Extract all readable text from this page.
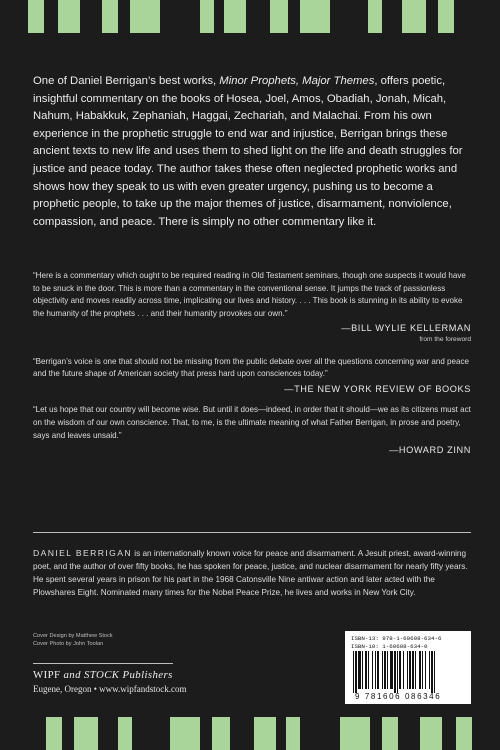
One of Daniel Berrigan’s best works, Minor Prophets, Major Themes, offers poetic, insightful commentary on the books of Hosea, Joel, Amos, Obadiah, Jonah, Micah, Nahum, Habakkuk, Zephaniah, Haggai, Zechariah, and Malachai. From his own experience in the prophetic struggle to end war and injustice, Berrigan brings these ancient texts to new life and uses them to shed light on the life and death struggles for justice and peace today. The author takes these often neglected prophetic works and shows how they speak to us with even greater urgency, pushing us to become a prophetic people, to take up the major themes of justice, disarmament, nonviolence, compassion, and peace. There is simply no other commentary like it.

“Here is a commentary which ought to be required reading in Old Testament seminars, though one suspects it would have to be snuck in the door. This is more than a commentary in the conventional sense. It jumps the track of passionless objectivity and moves readily across time, implicating our lives and history. . . . This book is stunning in its ability to evoke the humanity of the prophets . . . and their humanity provokes our own.”

—BILL WYLIE KELLERMAN
from the foreword

“Berrigan’s voice is one that should not be missing from the public debate over all the questions concerning war and peace and the future shape of American society that press hard upon consciences today.”

—THE NEW YORK REVIEW OF BOOKS

“Let us hope that our country will become wise. But until it does—indeed, in order that it should—we as its citizens must act on the wisdom of our own conscience. That, to me, is the ultimate meaning of what Father Berrigan, in prose and poetry, says and leaves unsaid.”

—HOWARD ZINN
DANIEL BERRIGAN is an internationally known voice for peace and disarmament. A Jesuit priest, award-winning poet, and the author of over fifty books, he has spoken for peace, justice, and nuclear disarmament for nearly fifty years. He spent several years in prison for his part in the 1968 Catonsville Nine antiwar action and later acted with the Plowshares Eight. Nominated many times for the Nobel Peace Prize, he lives and works in New York City.
Cover Design by Matthew Stock
Cover Photo by John Toolan
WIPF and STOCK Publishers
Eugene, Oregon • www.wipfandstock.com
ISBN-13: 978-1-60608-634-6
ISBN-10: 1-60608-634-0
9 781606 086346
